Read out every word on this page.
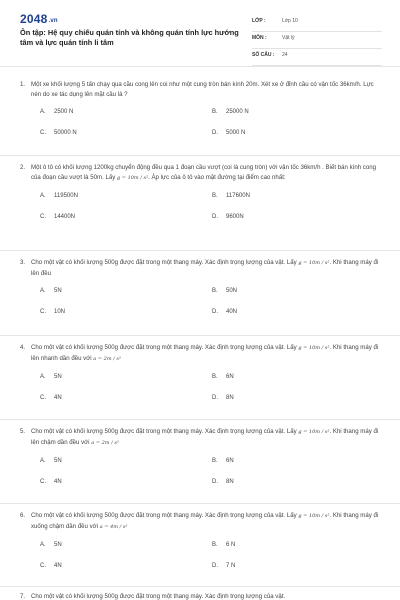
2048.vn
Ôn tập: Hệ quy chiếu quán tính và không quán tính lực hướng tâm và lực quán tính li tâm
LỚP :	Lớp 10
MÔN :	Vật lý
SỐ CÂU : 24
1. Một xe khối lượng 5 tấn chạy qua cầu cong lên coi như một cung tròn bán kính 20m. Xét xe ở đỉnh cầu có vận tốc 36km/h. Lực nén do xe tác dụng lên mặt cầu là ?
A. 2500 N	B. 25000 N
C. 50000 N	D. 5000 N
2. Một ô tô có khối lượng 1200kg chuyển động đều qua 1 đoạn cầu vượt (coi là cung tròn) với vận tốc 36km/h . Biết bán kính cong của đoạn cầu vượt là 50m. Lấy g = 10m / s². Áp lực của ô tô vào mặt đường tại điểm cao nhất:
A. 119500N	B. 117600N
C. 14400N	D. 9600N
3. Cho một vật có khối lượng 500g được đặt trong một thang máy. Xác định trọng lượng của vật. Lấy g = 10m / s². Khi thang máy đi lên đều
A. 5N	B. 50N
C. 10N	D. 40N
4. Cho một vật có khối lượng 500g được đặt trong một thang máy. Xác định trọng lượng của vật. Lấy g = 10m / s². Khi thang máy đi lên nhanh dần đều với a = 2m / s²
A. 5N	B. 6N
C. 4N	D. 8N
5. Cho một vật có khối lượng 500g được đặt trong một thang máy. Xác định trọng lượng của vật. Lấy g = 10m / s². Khi thang máy đi lên chậm dần đều với a = 2m / s²
A. 5N	B. 6N
C. 4N	D. 8N
6. Cho một vật có khối lượng 500g được đặt trong một thang máy. Xác định trọng lượng của vật. Lấy g = 10m / s². Khi thang máy đi xuống chậm dần đều với a = 4m / s²
A. 5N	B. 6 N
C. 4N	D. 7 N
7. Cho một vật có khối lượng 500g được đặt trong một thang máy. Xác định trọng lượng của vật.
